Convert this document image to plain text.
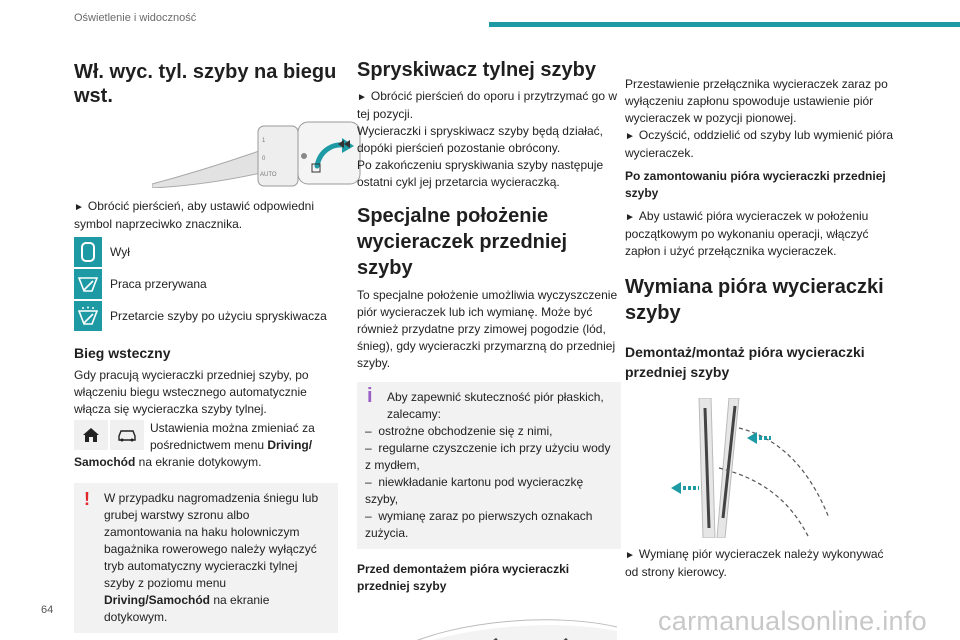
Oświetlenie i widoczność
Wł. wyc. tyl. szyby na biegu wst.
1
0
AUTO

► Obrócić pierścień, aby ustawić odpowiedni symbol naprzeciwko znacznika.

Wył
Praca przerywana
Przetarcie szyby po użyciu spryskiwacza
Bieg wsteczny

Gdy pracują wycieraczki przedniej szyby, po włączeniu biegu wstecznego automatycznie włącza się wycieraczka szyby tylnej.

Ustawienia można zmieniać za pośrednictwem menu Driving/ Samochód na ekranie dotykowym.

!	W przypadku nagromadzenia śniegu lub grubej warstwy szronu albo zamontowania na haku holowniczym bagażnika rowerowego należy wyłączyć tryb automatyczny wycieraczki tylnej szyby z poziomu menu Driving/Samochód na ekranie dotykowym.

Spryskiwacz tylnej szyby

► Obrócić pierścień do oporu i przytrzymać go w tej pozycji.

Wycieraczki i spryskiwacz szyby będą działać, dopóki pierścień pozostanie obrócony.

Po zakończeniu spryskiwania szyby następuje ostatni cykl jej przetarcia wycieraczką.

Specjalne położenie wycieraczek przedniej szyby

To specjalne położenie umożliwia wyczyszczenie piór wycieraczek lub ich wymianę. Może być również przydatne przy zimowej pogodzie (lód, śnieg), gdy wycieraczki przymarzną do przedniej szyby.

i	Aby zapewnić skuteczność piór płaskich, zalecamy:

–  ostrożne obchodzenie się z nimi,

–  regularne czyszczenie ich przy użyciu wody z mydłem,

–  niewkładanie kartonu pod wycieraczkę szyby,

–  wymianę zaraz po pierwszych oznakach zużycia.

Przed demontażem pióra wycieraczki przedniej szyby

Przestawienie przełącznika wycieraczek zaraz po wyłączeniu zapłonu spowoduje ustawienie piór wycieraczek w pozycji pionowej.

► Oczyścić, oddzielić od szyby lub wymienić pióra wycieraczek.

Po zamontowaniu pióra wycieraczki przedniej szyby

► Aby ustawić pióra wycieraczek w położeniu początkowym po wykonaniu operacji, włączyć zapłon i użyć przełącznika wycieraczek.

Wymiana pióra wycieraczki szyby
Demontaż/montaż pióra wycieraczki przedniej szyby

► Wymianę piór wycieraczek należy wykonywać od strony kierowcy.

64	carmanualsonline.info
